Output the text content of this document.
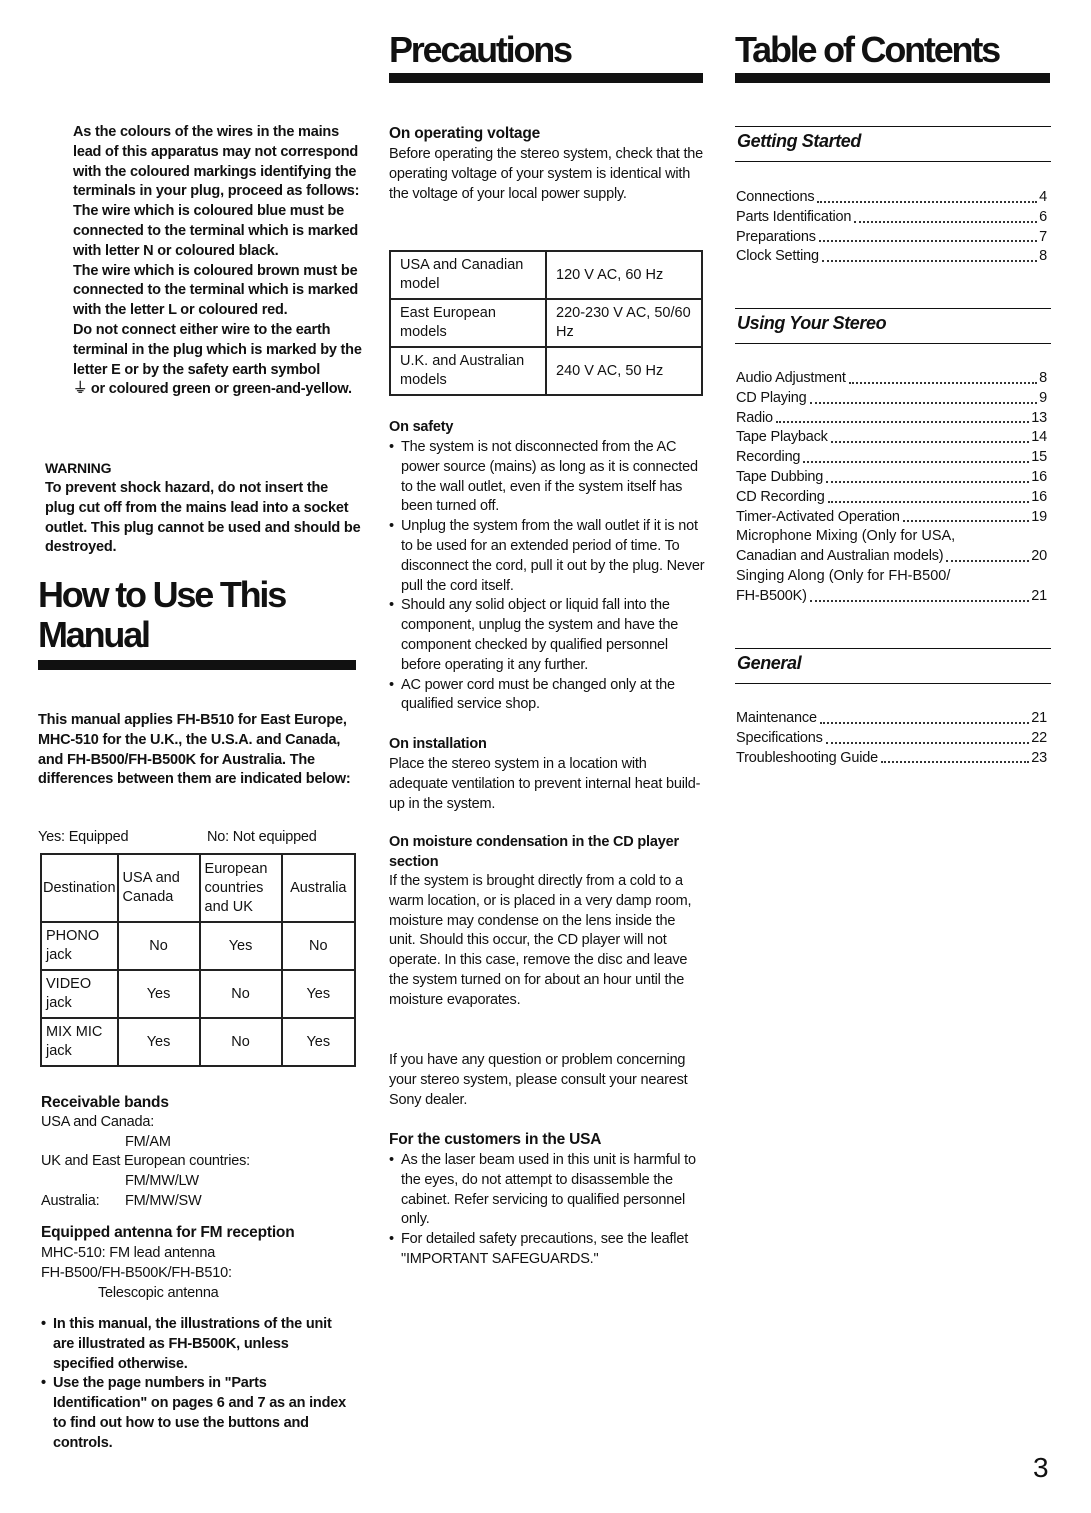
Precautions	Table of Contents

As the colours of the wires in the mains lead of this apparatus may not correspond with the coloured markings identifying the terminals in your plug, proceed as follows:

The wire which is coloured blue must be connected to the terminal which is marked with letter N or coloured black.

The wire which is coloured brown must be connected to the terminal which is marked with the letter L or coloured red.

Do not connect either wire to the earth terminal in the plug which is marked by the letter E or by the safety earth symbol
⏚ or coloured green or green-and-yellow.

WARNING
To prevent shock hazard, do not insert the plug cut off from the mains lead into a socket outlet. This plug cannot be used and should be destroyed.
How to Use This
Manual
This manual applies FH-B510 for East Europe, MHC-510 for the U.K., the U.S.A. and Canada, and FH-B500/FH-B500K for Australia. The differences between them are indicated below:
Yes: Equipped	No: Not equipped
Destination	USA and Canada	European countries and UK	Australia
PHONO jack	No	Yes	No
VIDEO jack	Yes	No	Yes
MIX MIC jack	Yes	No	Yes
Receivable bands
USA and Canada:
FM/AM
UK and East European countries:
FM/MW/LW
Australia: FM/MW/SW
Equipped antenna for FM reception
MHC-510: FM lead antenna
FH-B500/FH-B500K/FH-B510:
Telescopic antenna

• In this manual, the illustrations of the unit are illustrated as FH-B500K, unless specified otherwise.

• Use the page numbers in "Parts Identification" on pages 6 and 7 as an index to find out how to use the buttons and controls.

On operating voltage
Before operating the stereo system, check that the operating voltage of your system is identical with the voltage of your local power supply.
USA and Canadian model	120 V AC, 60 Hz
East European models	220-230 V AC, 50/60 Hz
U.K. and Australian models	240 V AC, 50 Hz
On safety

• The system is not disconnected from the AC power source (mains) as long as it is connected to the wall outlet, even if the system itself has been turned off.

• Unplug the system from the wall outlet if it is not to be used for an extended period of time. To disconnect the cord, pull it out by the plug. Never pull the cord itself.

• Should any solid object or liquid fall into the component, unplug the system and have the component checked by qualified personnel before operating it any further.

• AC power cord must be changed only at the qualified service shop.

On installation
Place the stereo system in a location with adequate ventilation to prevent internal heat build-up in the system.
On moisture condensation in the CD player section
If the system is brought directly from a cold to a warm location, or is placed in a very damp room, moisture may condense on the lens inside the unit. Should this occur, the CD player will not operate. In this case, remove the disc and leave the system turned on for about an hour until the moisture evaporates.
If you have any question or problem concerning your stereo system, please consult your nearest Sony dealer.
For the customers in the USA

• As the laser beam used in this unit is harmful to the eyes, do not attempt to disassemble the cabinet. Refer servicing to qualified personnel only.

• For detailed safety precautions, see the leaflet "IMPORTANT SAFEGUARDS."

Getting Started
Connections	4
Parts Identification	6
Preparations	7
Clock Setting	8
Using Your Stereo
Audio Adjustment	8
CD Playing	9
Radio	13
Tape Playback	14
Recording	15
Tape Dubbing	16
CD Recording	16
Timer-Activated Operation	19
Microphone Mixing (Only for USA,
Canadian and Australian models)	20
Singing Along (Only for FH-B500/
FH-B500K)	21
General
Maintenance	21
Specifications	22
Troubleshooting Guide	23
3
